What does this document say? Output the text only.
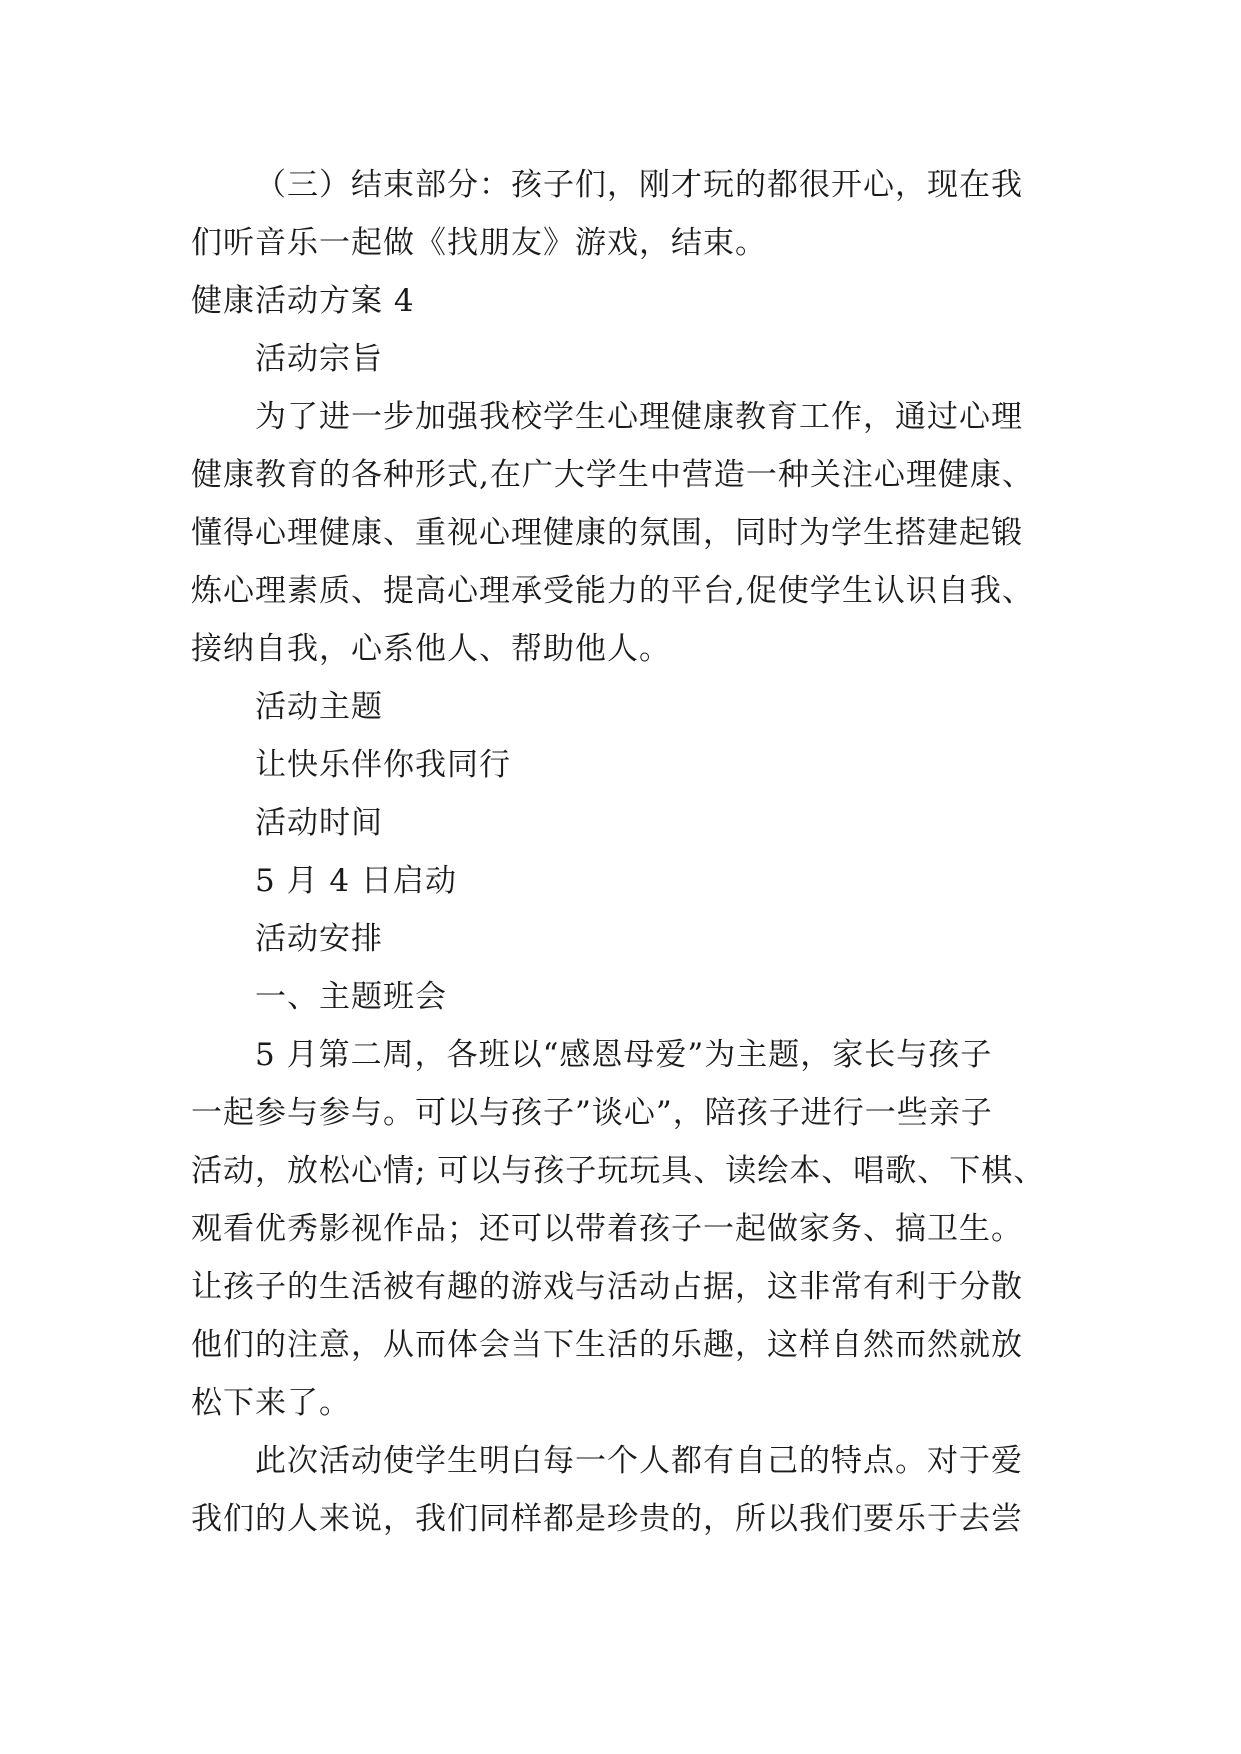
（三）结束部分：孩子们，刚才玩的都很开心，现在我
们听音乐一起做《找朋友》游戏，结束。
健康活动方案 4
活动宗旨
为了进一步加强我校学生心理健康教育工作，通过心理
健康教育的各种形式,在广大学生中营造一种关注心理健康、
懂得心理健康、重视心理健康的氛围，同时为学生搭建起锻
炼心理素质、提高心理承受能力的平台,促使学生认识自我、
接纳自我，心系他人、帮助他人。
活动主题
让快乐伴你我同行
活动时间
5 月 4 日启动
活动安排
一、主题班会
5 月第二周，各班以“感恩母爱”为主题，家长与孩子
一起参与参与。可以与孩子”谈心”，陪孩子进行一些亲子
活动，放松心情; 可以与孩子玩玩具、读绘本、唱歌、下棋、
观看优秀影视作品；还可以带着孩子一起做家务、搞卫生。
让孩子的生活被有趣的游戏与活动占据，这非常有利于分散
他们的注意，从而体会当下生活的乐趣，这样自然而然就放
松下来了。
此次活动使学生明白每一个人都有自己的特点。对于爱
我们的人来说，我们同样都是珍贵的，所以我们要乐于去尝
